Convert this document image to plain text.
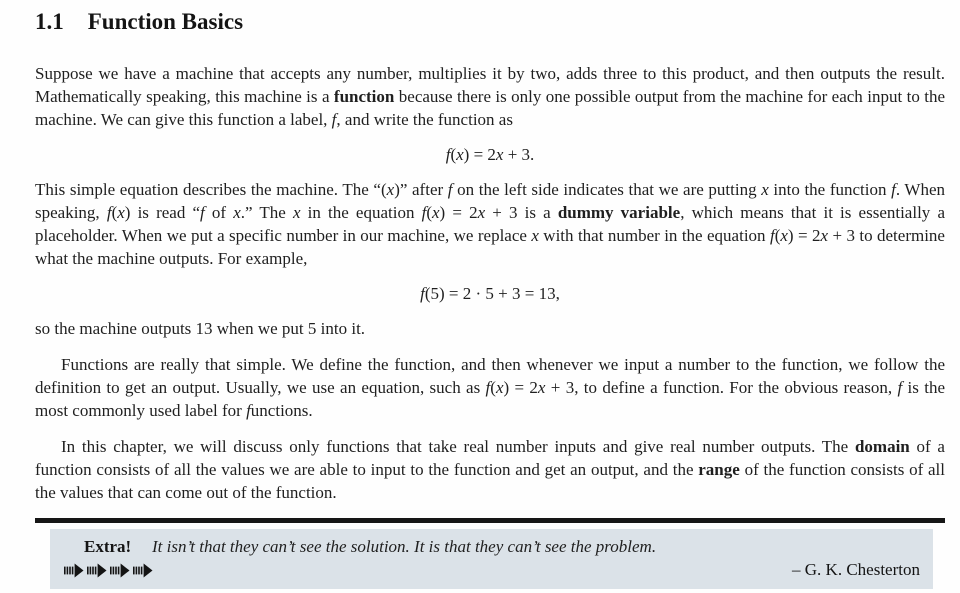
1.1 Function Basics

Suppose we have a machine that accepts any number, multiplies it by two, adds three to this product, and then outputs the result. Mathematically speaking, this machine is a function because there is only one possible output from the machine for each input to the machine. We can give this function a label, f, and write the function as

f(x) = 2x + 3.

This simple equation describes the machine. The “(x)” after f on the left side indicates that we are putting x into the function f. When speaking, f(x) is read “f of x.” The x in the equation f(x) = 2x + 3 is a dummy variable, which means that it is essentially a placeholder. When we put a specific number in our machine, we replace x with that number in the equation f(x) = 2x + 3 to determine what the machine outputs. For example,

f(5) = 2 · 5 + 3 = 13,

so the machine outputs 13 when we put 5 into it.

Functions are really that simple. We define the function, and then whenever we input a number to the function, we follow the definition to get an output. Usually, we use an equation, such as f(x) = 2x + 3, to define a function. For the obvious reason, f is the most commonly used label for functions.

In this chapter, we will discuss only functions that take real number inputs and give real number outputs. The domain of a function consists of all the values we are able to input to the function and get an output, and the range of the function consists of all the values that can come out of the function.

Extra!	It isn’t that they can’t see the solution. It is that they can’t see the problem.
– G. K. Chesterton
